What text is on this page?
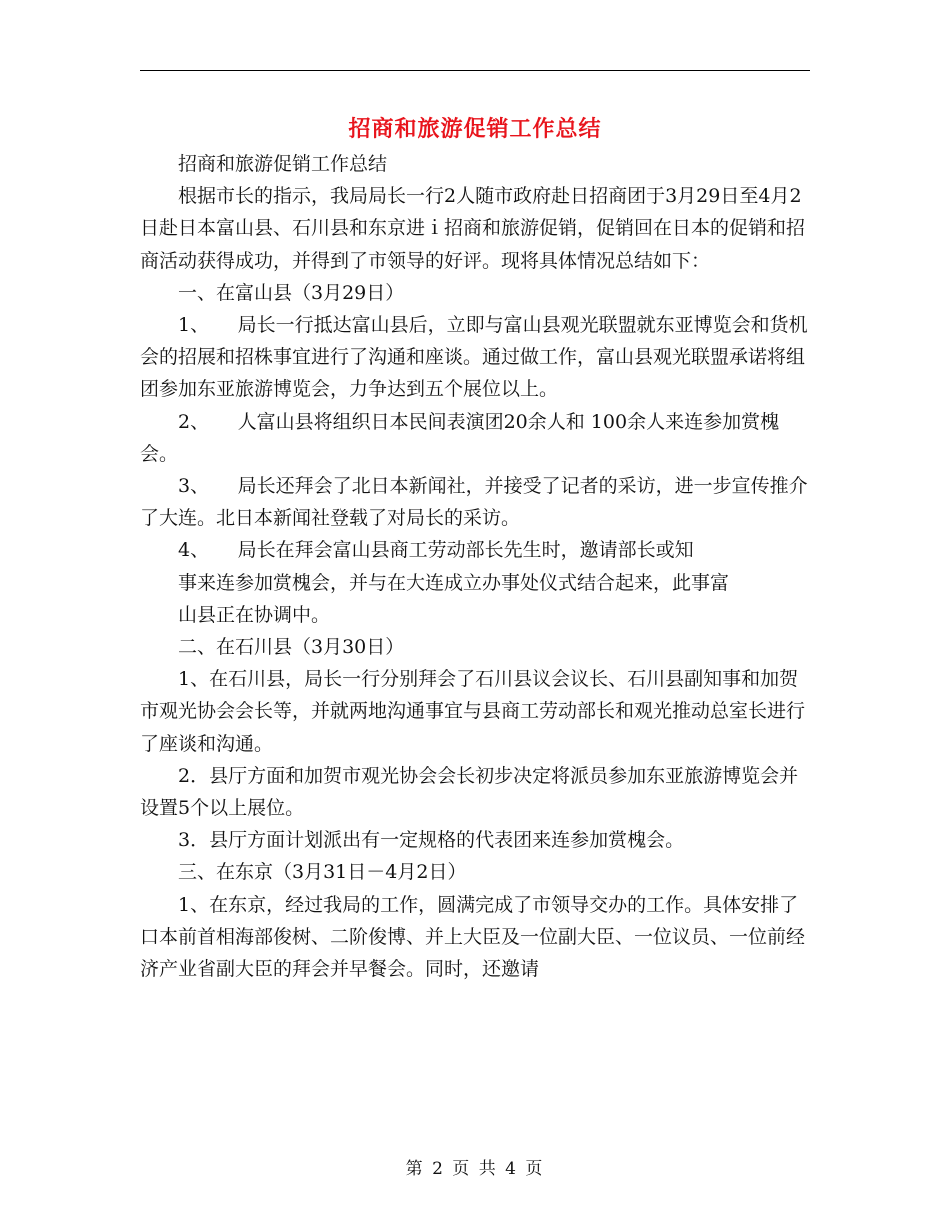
招商和旅游促销工作总结

招商和旅游促销工作总结

根据市长的指示，我局局长一行2人随市政府赴日招商团于3月29日至4月2日赴日本富山县、石川县和东京进ｉ招商和旅游促销，促销回在日本的促销和招商活动获得成功，并得到了市领导的好评。现将具体情况总结如下：

一、在富山县（3月29日）

1、　　局长一行抵达富山县后，立即与富山县观光联盟就东亚博览会和货机会的招展和招株事宜进行了沟通和座谈。通过做工作，富山县观光联盟承诺将组团参加东亚旅游博览会，力争达到五个展位以上。

2、　　人富山县将组织日本民间表演团20余人和 100余人来连参加赏槐会。

3、　　局长还拜会了北日本新闻社，并接受了记者的采访，进一步宣传推介了大连。北日本新闻社登载了对局长的采访。

4、　　局长在拜会富山县商工劳动部长先生时，邀请部长或知

事来连参加赏槐会，并与在大连成立办事处仪式结合起来，此事富

山县正在协调中。

二、在石川县（3月30日）

1、在石川县，局长一行分别拜会了石川县议会议长、石川县副知事和加贺市观光协会会长等，并就两地沟通事宜与县商工劳动部长和观光推动总室长进行了座谈和沟通。

2．县厅方面和加贺市观光协会会长初步决定将派员参加东亚旅游博览会并设置5个以上展位。

3．县厅方面计划派出有一定规格的代表团来连参加赏槐会。

三、在东京（3月31日－4月2日）

1、在东京，经过我局的工作，圆满完成了市领导交办的工作。具体安排了口本前首相海部俊树、二阶俊博、并上大臣及一位副大臣、一位议员、一位前经济产业省副大臣的拜会并早餐会。同时，还邀请

第 2 页 共 4 页
